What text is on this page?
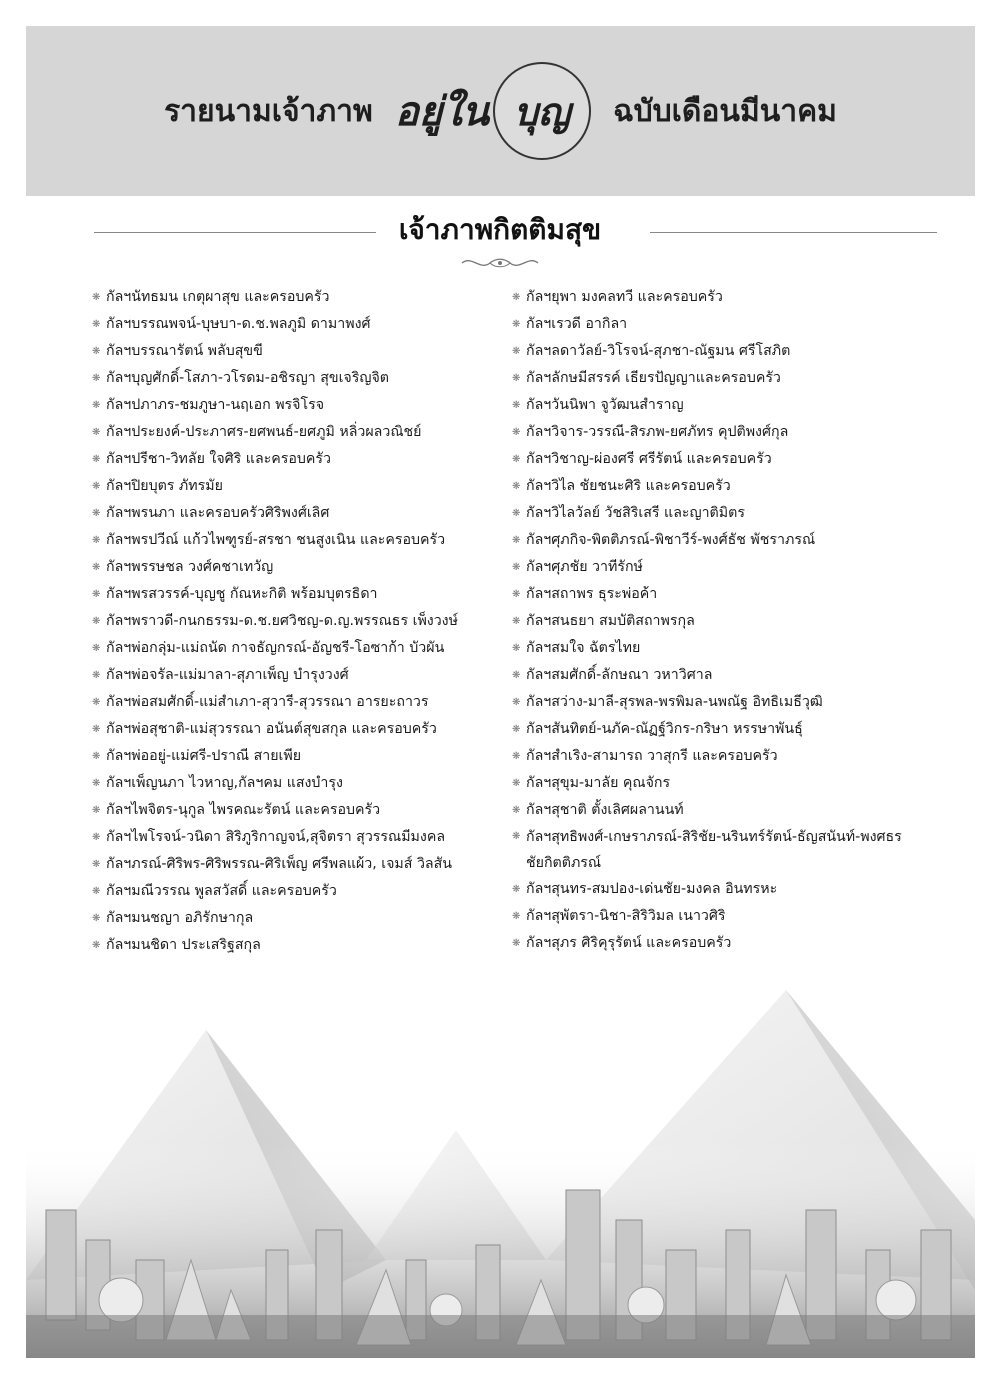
รายนามเจ้าภาพ อยู่ใน บุญ ฉบับเดือนมีนาคม
เจ้าภาพกิตติมสุข
❋ กัลฯนัทธมน เกตุผาสุข และครอบครัว
❋ กัลฯบรรณพจน์-บุษบา-ด.ช.พลภูมิ ดามาพงศ์
❋ กัลฯบรรณารัตน์ พลับสุขขี
❋ กัลฯบุญศักดิ์-โสภา-วโรดม-อชิรญา สุขเจริญจิต
❋ กัลฯปภาภร-ชมภูษา-นฤเอก พรจิโรจ
❋ กัลฯประยงค์-ประภาศร-ยศพนธ์-ยศภูมิ หลิ่วผลวณิชย์
❋ กัลฯปรีชา-วิทลัย ใจศิริ และครอบครัว
❋ กัลฯปิยบุตร ภัทรมัย
❋ กัลฯพรนภา และครอบครัวศิริพงศ์เลิศ
❋ กัลฯพรปวีณ์ แก้วไพฑูรย์-สรชา ชนสูงเนิน และครอบครัว
❋ กัลฯพรรษชล วงศ์คชาเทวัญ
❋ กัลฯพรสวรรค์-บุญชู กัณหะกิติ พร้อมบุตรธิดา
❋ กัลฯพราวดี-กนกธรรม-ด.ช.ยศวิชญ-ด.ญ.พรรณธร เพ็งวงษ์
❋ กัลฯพ่อกลุ่ม-แม่ถนัด กาจธัญกรณ์-อัญชรี-โอซาก้า บัวผัน
❋ กัลฯพ่อจรัล-แม่มาลา-สุภาเพ็ญ บำรุงวงศ์
❋ กัลฯพ่อสมศักดิ์-แม่สำเภา-สุวารี-สุวรรณา อารยะถาวร
❋ กัลฯพ่อสุชาติ-แม่สุวรรณา อนันต์สุขสกุล และครอบครัว
❋ กัลฯพ่ออยู่-แม่ศรี-ปราณี สายเพีย
❋ กัลฯเพ็ญนภา ไวหาญ,กัลฯคม แสงบำรุง
❋ กัลฯไพจิตร-นุกูล ไพรคณะรัตน์ และครอบครัว
❋ กัลฯไพโรจน์-วนิดา สิริภูริกาญจน์,สุจิตรา สุวรรณมีมงคล
❋ กัลฯภรณ์-ศิริพร-ศิริพรรณ-ศิริเพ็ญ ศรีพลแผ้ว, เจมส์ วิลสัน
❋ กัลฯมณีวรรณ พูลสวัสดิ์ และครอบครัว
❋ กัลฯมนชญา อภิรักษากุล
❋ กัลฯมนชิดา ประเสริฐสกุล
❋ กัลฯยุพา มงคลทวี และครอบครัว
❋ กัลฯเรวดี อากิลา
❋ กัลฯลดาวัลย์-วิโรจน์-สุภชา-ณัฐมน ศรีโสภิต
❋ กัลฯลักษมีสรรค์ เธียรปัญญาและครอบครัว
❋ กัลฯวันนิพา จูวัฒนสำราญ
❋ กัลฯวิจาร-วรรณี-สิรภพ-ยศภัทร คุปติพงศ์กุล
❋ กัลฯวิชาญ-ผ่องศรี ศรีรัตน์ และครอบครัว
❋ กัลฯวิไล ชัยชนะศิริ และครอบครัว
❋ กัลฯวิไลวัลย์ วัชสิริเสรี และญาติมิตร
❋ กัลฯศุภกิจ-พิตติภรณ์-พิชาวีร์-พงศ์ธัช พัชราภรณ์
❋ กัลฯศุภชัย วาทีรักษ์
❋ กัลฯสถาพร ธุระพ่อค้า
❋ กัลฯสนธยา สมบัติสถาพรกุล
❋ กัลฯสมใจ ฉัตรไทย
❋ กัลฯสมศักดิ์-ลักษณา วหาวิศาล
❋ กัลฯสว่าง-มาลี-สุรพล-พรพิมล-นพณัฐ อิทธิเมธีวุฒิ
❋ กัลฯสันทิตย์-นภัค-ณัฏฐ์วิกร-กริษา หรรษาพันธุ์
❋ กัลฯสำเริง-สามารถ วาสุกรี และครอบครัว
❋ กัลฯสุขุม-มาลัย คุณจักร
❋ กัลฯสุชาติ ตั้งเลิศผลานนท์
❋ กัลฯสุทธิพงศ์-เกษราภรณ์-สิริชัย-นรินทร์รัตน์-ธัญสนันท์-พงศธร ชัยกิตติภรณ์
❋ กัลฯสุนทร-สมปอง-เด่นชัย-มงคล อินทรหะ
❋ กัลฯสุพัตรา-นิชา-สิริวิมล เนาวศิริ
❋ กัลฯสุภร ศิริคุรุรัตน์ และครอบครัว
